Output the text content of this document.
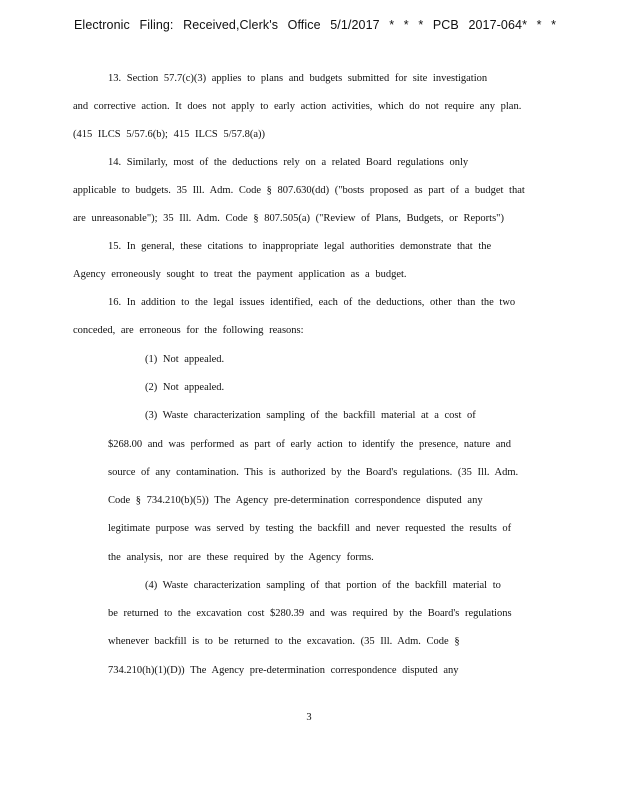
Electronic Filing: Received,Clerk's Office 5/1/2017 * * * PCB 2017-064* * *
13. Section 57.7(c)(3) applies to plans and budgets submitted for site investigation
and corrective action. It does not apply to early action activities, which do not require any plan.
(415 ILCS 5/57.6(b); 415 ILCS 5/57.8(a))
14. Similarly, most of the deductions rely on a related Board regulations only
applicable to budgets. 35 Ill. Adm. Code § 807.630(dd) ("bosts proposed as part of a budget that
are unreasonable"); 35 Ill. Adm. Code § 807.505(a) ("Review of Plans, Budgets, or Reports")
15. In general, these citations to inappropriate legal authorities demonstrate that the
Agency erroneously sought to treat the payment application as a budget.
16. In addition to the legal issues identified, each of the deductions, other than the two
conceded, are erroneous for the following reasons:
(1) Not appealed.
(2) Not appealed.
(3) Waste characterization sampling of the backfill material at a cost of
$268.00 and was performed as part of early action to identify the presence, nature and
source of any contamination. This is authorized by the Board's regulations. (35 Ill. Adm.
Code § 734.210(b)(5)) The Agency pre-determination correspondence disputed any
legitimate purpose was served by testing the backfill and never requested the results of
the analysis, nor are these required by the Agency forms.
(4) Waste characterization sampling of that portion of the backfill material to
be returned to the excavation cost $280.39 and was required by the Board's regulations
whenever backfill is to be returned to the excavation. (35 Ill. Adm. Code §
734.210(h)(1)(D)) The Agency pre-determination correspondence disputed any
3
